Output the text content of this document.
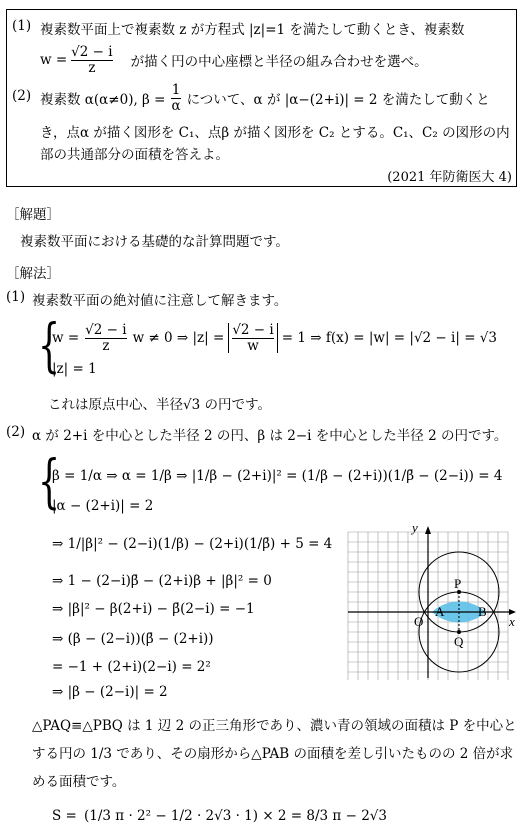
(1) 複素数平面上で複素数 z が方程式 |z|=1 を満たして動くとき、複素数
$w = \frac{√2 - i}{z}$ が描く円の中心座標と半径の組み合わせを選べ。
(2) 複素数 α(α≠0), $\beta = \frac{1}{\alpha}$ について、α が |α−(2+i)| = 2 を満たして動くと
き，点α が描く図形を C₁、点β が描く図形を C₂ とする。C₁、C₂ の図形の内
部の共通部分の面積を答えよ。
(2021 年防衛医大 4)
［解題］
複素数平面における基礎的な計算問題です。
［解法］
(1) 複素数平面の絶対値に注意して解きます。
{
$w = \frac{√2 - i}{z}$ w ≠ 0 ⇒ $|z| = \frac{√2 - i}{w} = 1$ ⇒ f(x) = |w| = |√2 − i| = √3
|z| = 1
これは原点中心、半径√3 の円です。
(2) α が 2+i を中心とした半径 2 の円、β は 2−i を中心とした半径 2 の円です。
{
β = 1/α ⇒ α = 1/β ⇒ |1/β − (2+i)|² = (1/β − (2+i))(1/β̄ − (2−i)) = 4
|α − (2+i)| = 2
⇒ 1/|β|² − (2−i)(1/β) − (2+i)(1/β̄) + 5 = 4
⇒ 1 − (2−i)β̄ − (2+i)β + |β|² = 0
⇒ |β|² − β(2+i) − β̄(2−i) = −1
⇒ (β − (2−i))(β̄ − (2+i))
= −1 + (2+i)(2−i) = 2²
⇒ |β − (2−i)| = 2
△PAQ≡△PBQ は 1 辺 2 の正三角形であり、濃い青の領域の面積は P を中心と
する円の 1/3 であり、その扇形から△PAB の面積を差し引いたものの 2 倍が求
める面積です。
S = (1/3 π · 2² − 1/2 · 2√3 · 1) × 2 = 8/3 π − 2√3
x
y
O
A	B
P
Q
